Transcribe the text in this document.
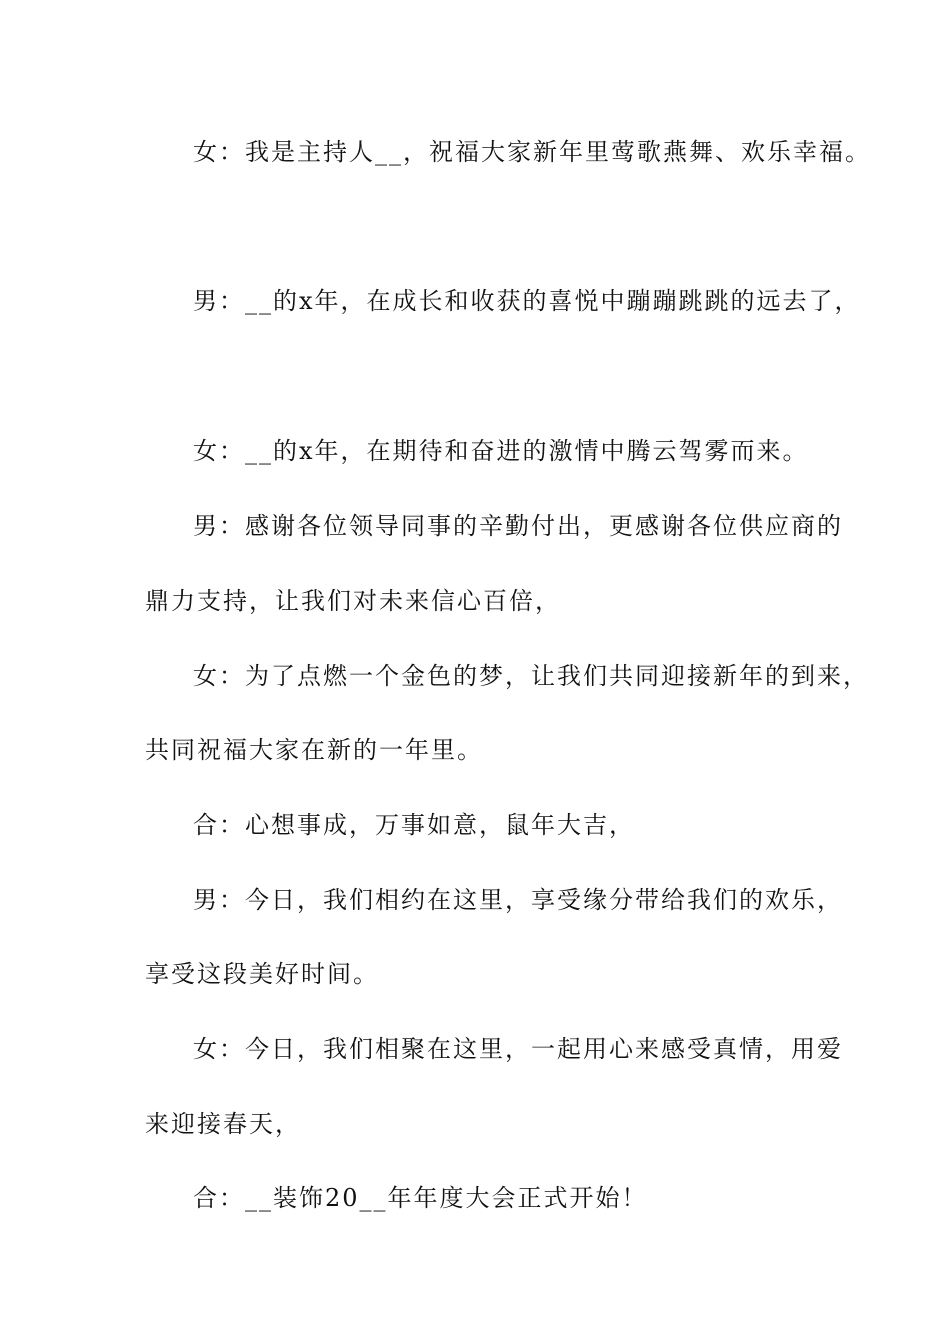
女：我是主持人__，祝福大家新年里莺歌燕舞、欢乐幸福。
男：__的x年，在成长和收获的喜悦中蹦蹦跳跳的远去了，
女：__的x年，在期待和奋进的激情中腾云驾雾而来。
男：感谢各位领导同事的辛勤付出，更感谢各位供应商的
鼎力支持，让我们对未来信心百倍，
女：为了点燃一个金色的梦，让我们共同迎接新年的到来，
共同祝福大家在新的一年里。
合：心想事成，万事如意，鼠年大吉，
男：今日，我们相约在这里，享受缘分带给我们的欢乐，
享受这段美好时间。
女：今日，我们相聚在这里，一起用心来感受真情，用爱
来迎接春天，
合：__装饰20__年年度大会正式开始！
